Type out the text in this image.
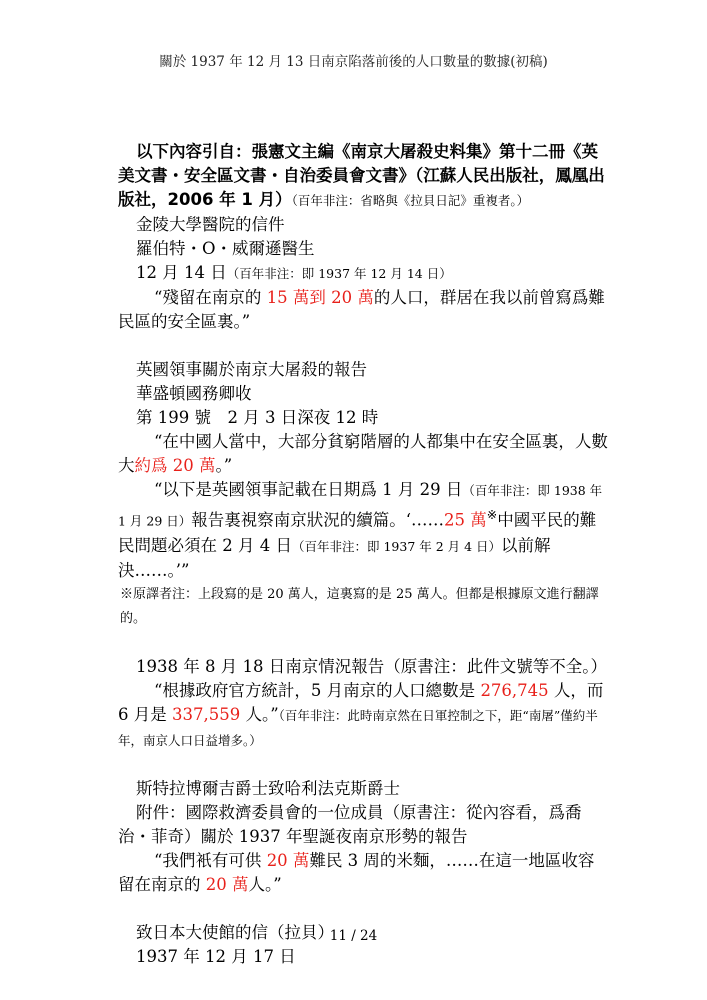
關於 1937 年 12 月 13 日南京陷落前後的人口數量的數據(初稿)

以下內容引自：張憲文主編《南京大屠殺史料集》第十二冊《英美文書・安全區文書・自治委員會文書》（江蘇人民出版社，鳳凰出版社，2006 年 1 月）（百年非注：省略與《拉貝日記》重複者。）

金陵大學醫院的信件

羅伯特・O・威爾遜醫生

12 月 14 日（百年非注：即 1937 年 12 月 14 日）

“殘留在南京的 15 萬到 20 萬的人口，群居在我以前曾寫爲難民區的安全區裏。”

英國領事關於南京大屠殺的報告

華盛頓國務卿收

第 199 號　2 月 3 日深夜 12 時

“在中國人當中，大部分貧窮階層的人都集中在安全區裏，人數大約爲 20 萬。”

“以下是英國領事記載在日期爲 1 月 29 日（百年非注：即 1938 年 1 月 29 日）報告裏視察南京狀況的續篇。‘……25 萬※中國平民的難民問題必須在 2 月 4 日（百年非注：即 1937 年 2 月 4 日）以前解決……。’”

※原譯者注：上段寫的是 20 萬人，這裏寫的是 25 萬人。但都是根據原文進行翻譯的。

1938 年 8 月 18 日南京情況報告（原書注：此件文號等不全。）

“根據政府官方統計，5 月南京的人口總數是 276,745 人，而 6 月是 337,559 人。”（百年非注：此時南京然在日軍控制之下，距“南屠”僅約半年，南京人口日益增多。）

斯特拉博爾吉爵士致哈利法克斯爵士

附件：國際救濟委員會的一位成員（原書注：從內容看，爲喬治・菲奇）關於 1937 年聖誕夜南京形勢的報告

“我們衹有可供 20 萬難民 3 周的米麵，……在這一地區收容留在南京的 20 萬人。”

致日本大使館的信（拉貝）

1937 年 12 月 17 日

11 / 24
